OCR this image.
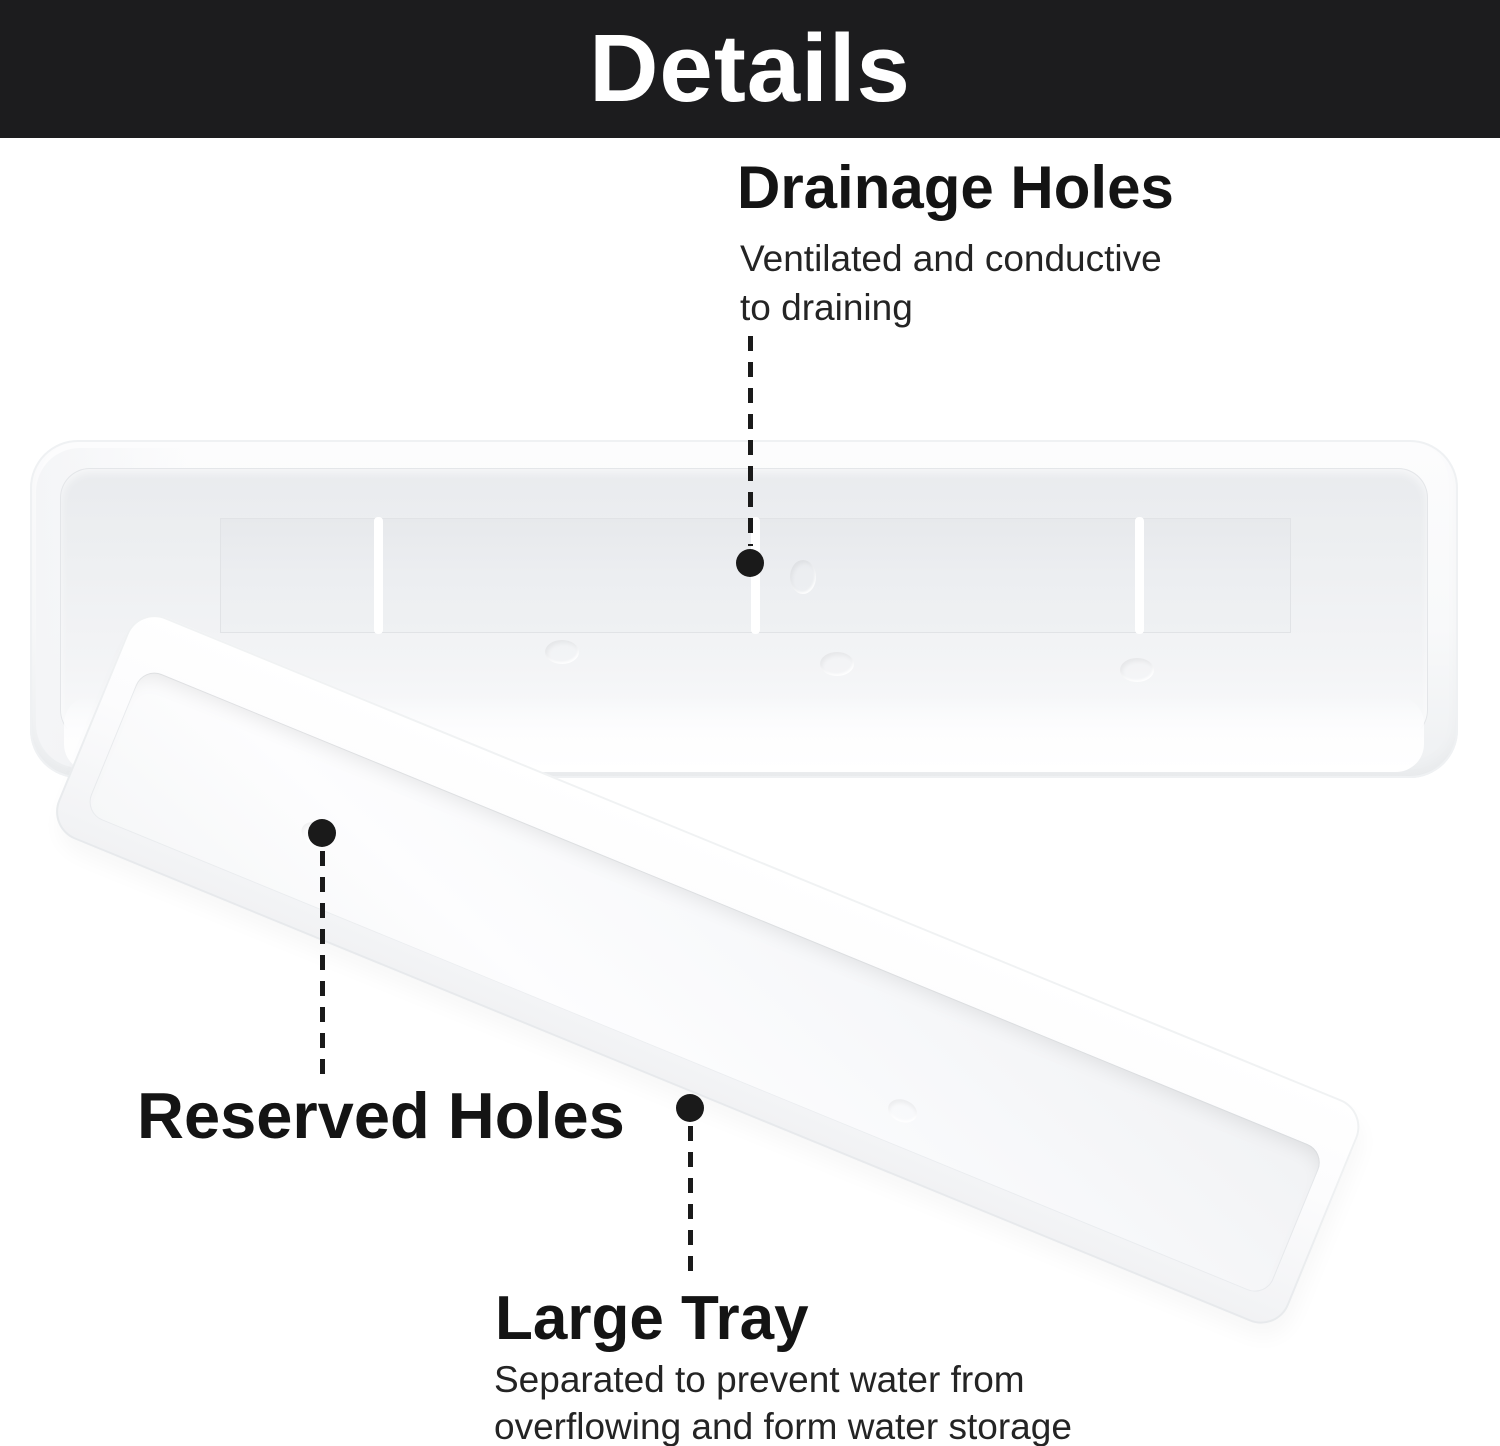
Details
Drainage Holes
Ventilated and conductive
to draining
Reserved Holes
Large Tray
Separated to prevent water from
overflowing and form water storage
